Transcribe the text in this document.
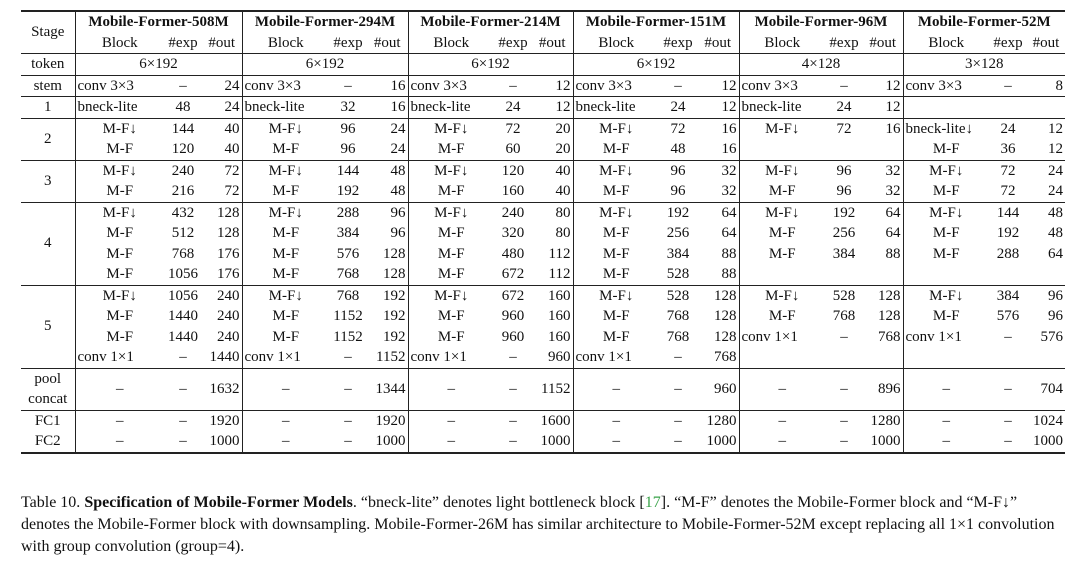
Stage	Mobile-Former-508M			Mobile-Former-294M			Mobile-Former-214M			Mobile-Former-151M			Mobile-Former-96M			Mobile-Former-52M		
	Block	#exp	#out	Block	#exp	#out	Block	#exp	#out	Block	#exp	#out	Block	#exp	#out	Block	#exp	#out
token	6×192			6×192			6×192			6×192			4×128			3×128		
stem	conv 3×3	–	24	conv 3×3	–	16	conv 3×3	–	12	conv 3×3	–	12	conv 3×3	–	12	conv 3×3	–	8
1	bneck-lite	48	24	bneck-lite	32	16	bneck-lite	24	12	bneck-lite	24	12	bneck-lite	24	12			
2	M-F↓	144	40	M-F↓	96	24	M-F↓	72	20	M-F↓	72	16	M-F↓	72	16	bneck-lite↓	24	12
	M-F	120	40	M-F	96	24	M-F	60	20	M-F	48	16				M-F	36	12
3	M-F↓	240	72	M-F↓	144	48	M-F↓	120	40	M-F↓	96	32	M-F↓	96	32	M-F↓	72	24
	M-F	216	72	M-F	192	48	M-F	160	40	M-F	96	32	M-F	96	32	M-F	72	24
4	M-F↓	432	128	M-F↓	288	96	M-F↓	240	80	M-F↓	192	64	M-F↓	192	64	M-F↓	144	48
	M-F	512	128	M-F	384	96	M-F	320	80	M-F	256	64	M-F	256	64	M-F	192	48
	M-F	768	176	M-F	576	128	M-F	480	112	M-F	384	88	M-F	384	88	M-F	288	64
	M-F	1056	176	M-F	768	128	M-F	672	112	M-F	528	88						
5	M-F↓	1056	240	M-F↓	768	192	M-F↓	672	160	M-F↓	528	128	M-F↓	528	128	M-F↓	384	96
	M-F	1440	240	M-F	1152	192	M-F	960	160	M-F	768	128	M-F	768	128	M-F	576	96
	M-F	1440	240	M-F	1152	192	M-F	960	160	M-F	768	128	conv 1×1	–	768	conv 1×1	–	576
	conv 1×1	–	1440	conv 1×1	–	1152	conv 1×1	–	960	conv 1×1	–	768						

pool
concat	–	–	1632	–	–	1344	–	–	1152	–	–	960	–	–	896	–	–	704
FC1	–	–	1920	–	–	1920	–	–	1600	–	–	1280	–	–	1280	–	–	1024
FC2	–	–	1000	–	–	1000	–	–	1000	–	–	1000	–	–	1000	–	–	1000
Table 10. Specification of Mobile-Former Models. “bneck-lite” denotes light bottleneck block [17]. “M-F” denotes the Mobile-Former block and “M-F↓” denotes the Mobile-Former block with downsampling. Mobile-Former-26M has similar architecture to Mobile-Former-52M except replacing all 1×1 convolution with group convolution (group=4).
